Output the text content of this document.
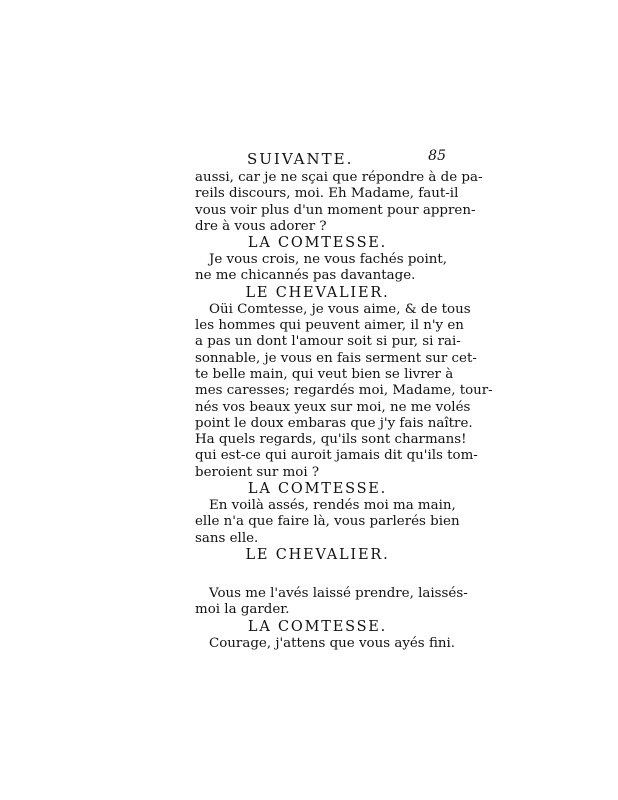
SUIVANTE.	85
aussi, car je ne sçai que répondre à de pa-
reils discours, moi. Eh Madame, faut-il
vous voir plus d'un moment pour appren-
dre à vous adorer ?
LA COMTESSE.
Je vous crois, ne vous fachés point,
ne me chicannés pas davantage.
LE CHEVALIER.
Oüi Comtesse, je vous aime, & de tous
les hommes qui peuvent aimer, il n'y en
a pas un dont l'amour soit si pur, si rai-
sonnable, je vous en fais serment sur cet-
te belle main, qui veut bien se livrer à
mes caresses; regardés moi, Madame, tour-
nés vos beaux yeux sur moi, ne me volés
point le doux embaras que j'y fais naître.
Ha quels regards, qu'ils sont charmans!
qui est-ce qui auroit jamais dit qu'ils tom-
beroient sur moi ?
LA COMTESSE.
En voilà assés, rendés moi ma main,
elle n'a que faire là, vous parlerés bien
sans elle.
LE CHEVALIER.
Vous me l'avés laissé prendre, laissés-
moi la garder.
LA COMTESSE.
Courage, j'attens que vous ayés fini.
